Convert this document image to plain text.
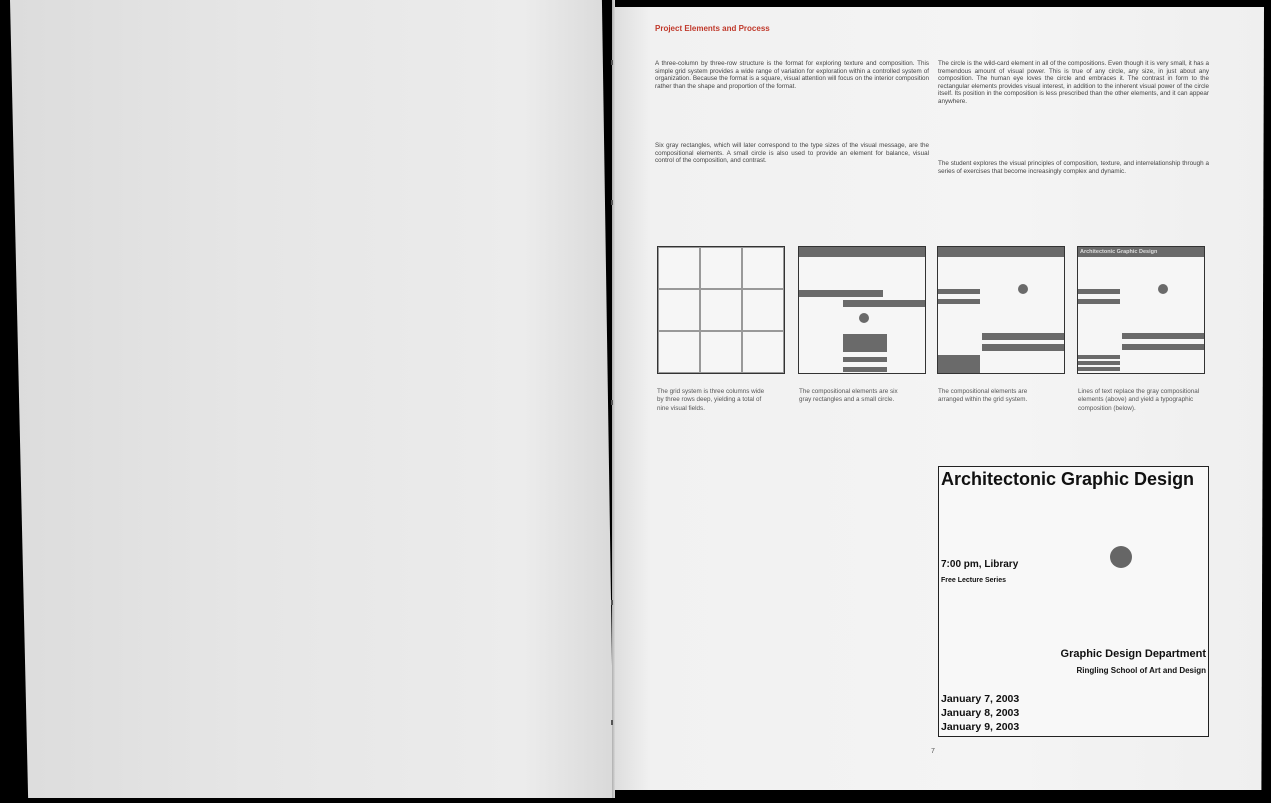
Project Elements and Process

A three-column by three-row structure is the format for exploring texture and composition. This simple grid system provides a wide range of variation for exploration within a controlled system of organization. Because the format is a square, visual attention will focus on the interior composition rather than the shape and proportion of the format.

Six gray rectangles, which will later correspond to the type sizes of the visual message, are the compositional elements. A small circle is also used to provide an element for balance, visual control of the composition, and contrast.

The circle is the wild-card element in all of the compositions. Even though it is very small, it has a tremendous amount of visual power. This is true of any circle, any size, in just about any composition. The human eye loves the circle and embraces it. The contrast in form to the rectangular elements provides visual interest, in addition to the inherent visual power of the circle itself. Its position in the composition is less prescribed than the other elements, and it can appear anywhere.

The student explores the visual principles of composition, texture, and interrelationship through a series of exercises that become increasingly complex and dynamic.

Architectonic Graphic Design
The grid system is three columns wide by three rows deep, yielding a total of nine visual fields.
The compositional elements are six gray rectangles and a small circle.
The compositional elements are arranged within the grid system.
Lines of text replace the gray compositional elements (above) and yield a typographic composition (below).
Architectonic Graphic Design
7:00 pm, Library
Free Lecture Series
Graphic Design Department
Ringling School of Art and Design
January 7, 2003
January 8, 2003
January 9, 2003
7
